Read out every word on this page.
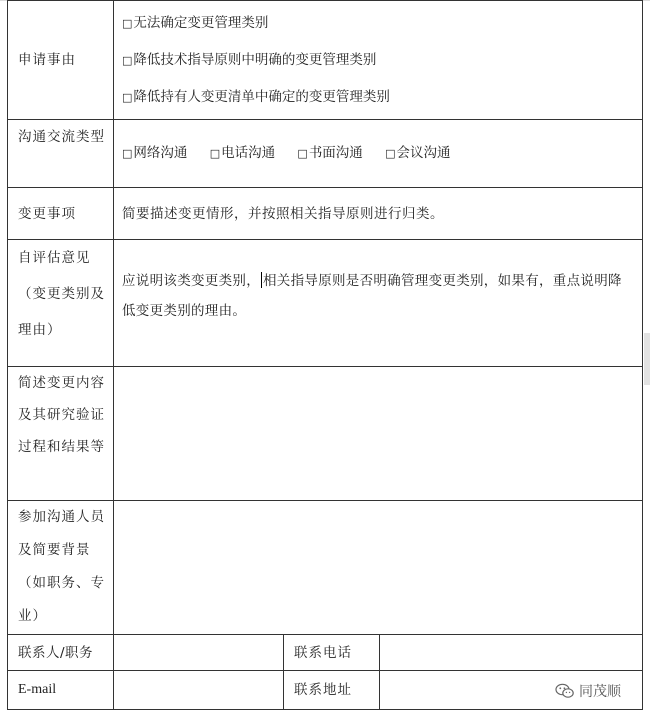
申请事由	□无法确定变更管理类别
□降低技术指导原则中明确的变更管理类别
□降低持有人变更清单中确定的变更管理类别		

沟通交流类型	□网络沟通 □电话沟通 □书面沟通 □会议沟通		
变更事项	简要描述变更情形，并按照相关指导原则进行归类。		
自评估意见（变更类别及理由）	应说明该类变更类别， 相关指导原则是否明确管理变更类别，如果有，重点说明降低变更类别的理由。		
简述变更内容及其研究验证过程和结果等			
参加沟通人员及简要背景（如职务、专业）			
联系人/职务		联系电话	
E-mail		联系地址		同茂顺
